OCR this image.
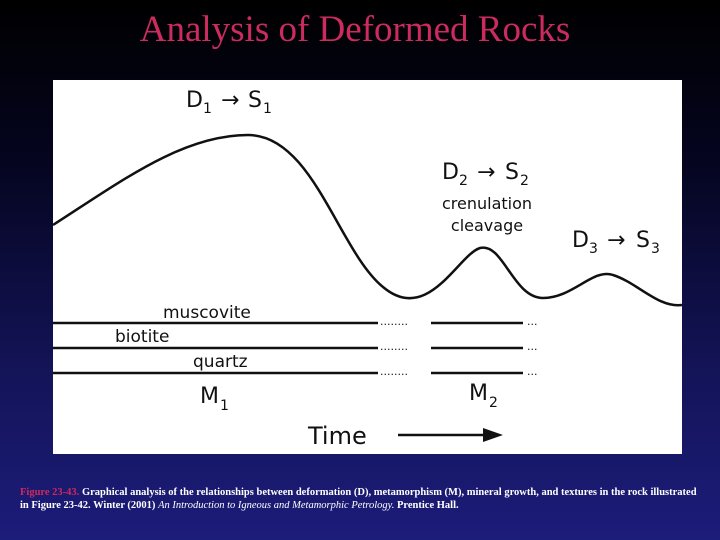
Analysis of Deformed Rocks
D 1 → S 1
D 2 → S 2
crenulation
cleavage
D 3 → S 3
muscovite	........	...
biotite	........	...
quartz	........	...
M 1	M 2
Time
Figure 23-43. Graphical analysis of the relationships between deformation (D), metamorphism (M), mineral growth, and textures in the rock illustrated in Figure 23-42. Winter (2001) An Introduction to Igneous and Metamorphic Petrology. Prentice Hall.
